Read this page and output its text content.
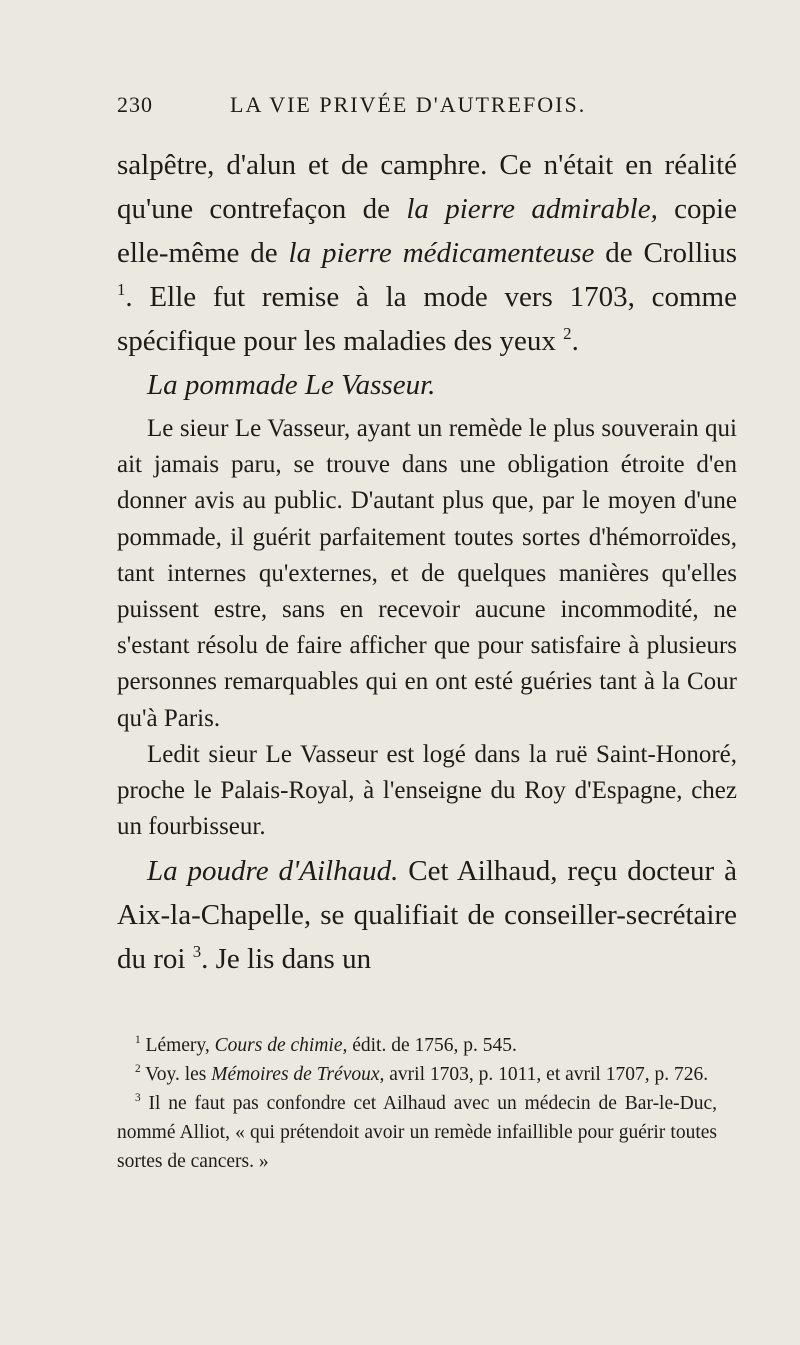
230	LA VIE PRIVÉE D'AUTREFOIS.

salpêtre, d'alun et de camphre. Ce n'était en réalité qu'une contrefaçon de la pierre admirable, copie elle-même de la pierre médicamenteuse de Crollius $^1$. Elle fut remise à la mode vers 1703, comme spécifique pour les maladies des yeux $^2$.

La pommade Le Vasseur.

Le sieur Le Vasseur, ayant un remède le plus souverain qui ait jamais paru, se trouve dans une obligation étroite d'en donner avis au public. D'autant plus que, par le moyen d'une pommade, il guérit parfaitement toutes sortes d'hémorroïdes, tant internes qu'externes, et de quelques manières qu'elles puissent estre, sans en recevoir aucune incommodité, ne s'estant résolu de faire afficher que pour satisfaire à plusieurs personnes remarquables qui en ont esté guéries tant à la Cour qu'à Paris.

Ledit sieur Le Vasseur est logé dans la ruë Saint-Honoré, proche le Palais-Royal, à l'enseigne du Roy d'Espagne, chez un fourbisseur.

La poudre d'Ailhaud. Cet Ailhaud, reçu docteur à Aix-la-Chapelle, se qualifiait de conseiller-secrétaire du roi $^3$. Je lis dans un

$^1$ Lémery, Cours de chimie, édit. de 1756, p. 545.

$^2$ Voy. les Mémoires de Trévoux, avril 1703, p. 1011, et avril 1707, p. 726.

$^3$ Il ne faut pas confondre cet Ailhaud avec un médecin de Bar-le-Duc, nommé Alliot, « qui prétendoit avoir un remède infaillible pour guérir toutes sortes de cancers. »
